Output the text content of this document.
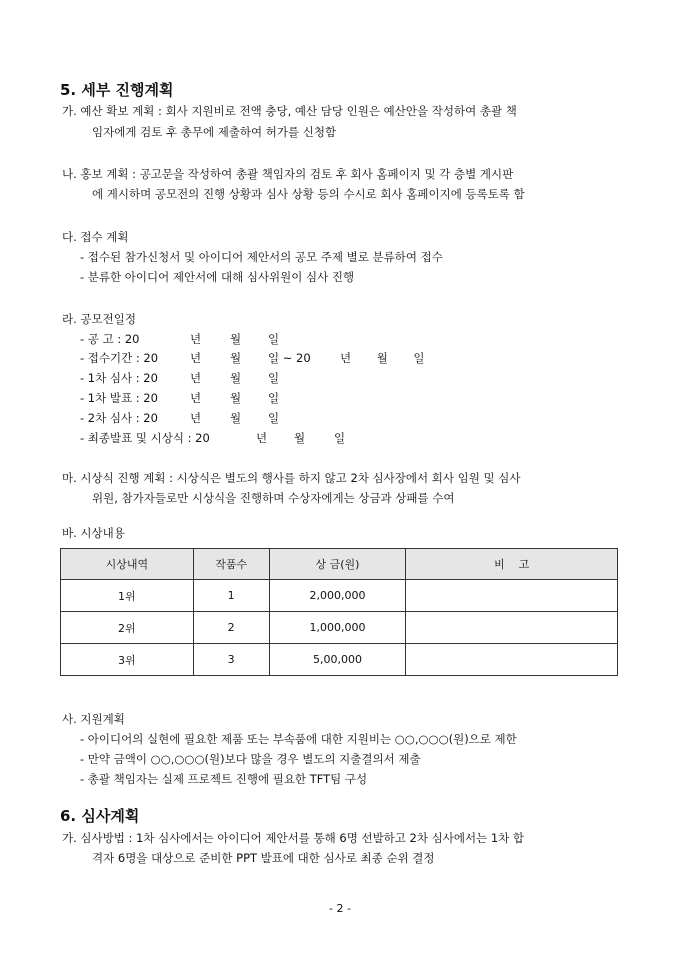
5. 세부 진행계획
가. 예산 확보 계획 : 회사 지원비로 전액 충당, 예산 담당 인원은 예산안을 작성하여 총괄 책
임자에게 검토 후 총무에 제출하여 허가를 신청함
나. 홍보 계획 : 공고문을 작성하여 총괄 책임자의 검토 후 회사 홈페이지 및 각 층별 게시판
에 게시하며 공모전의 진행 상황과 심사 상황 등의 수시로 회사 홈페이지에 등록토록 함
다. 접수 계획
- 접수된 참가신청서 및 아이디어 제안서의 공모 주제 별로 분류하여 접수
- 분류한 아이디어 제안서에 대해 심사위원이 심사 진행
라. 공모전일정
- 공 고 : 20	년	월 일
- 접수기간 : 20	년	월 일 ~ 20	년       월       일
- 1차 심사 : 20	년	월 일
- 1차 발표 : 20	년	월 일
- 2차 심사 : 20	년	월 일
- 최종발표 및 시상식 : 20	년 월	일
마. 시상식 진행 계획 : 시상식은 별도의 행사를 하지 않고 2차 심사장에서 회사 임원 및 심사
위원, 참가자들로만 시상식을 진행하며 수상자에게는 상금과 상패를 수여
바. 시상내용
시상내역	작품수	상 금(원)	비    고
1위	1	2,000,000	
2위	2	1,000,000	
3위	3	5,00,000	
사. 지원계획
- 아이디어의 실현에 필요한 제품 또는 부속품에 대한 지원비는 ○○,○○○(원)으로 제한
- 만약 금액이 ○○,○○○(원)보다 많을 경우 별도의 지출결의서 제출
- 총괄 책임자는 실제 프로젝트 진행에 필요한 TFT팀 구성
6. 심사계획
가. 심사방법 : 1차 심사에서는 아이디어 제안서를 통해 6명 선발하고 2차 심사에서는 1차 합
격자 6명을 대상으로 준비한 PPT 발표에 대한 심사로 최종 순위 결정
- 2 -
